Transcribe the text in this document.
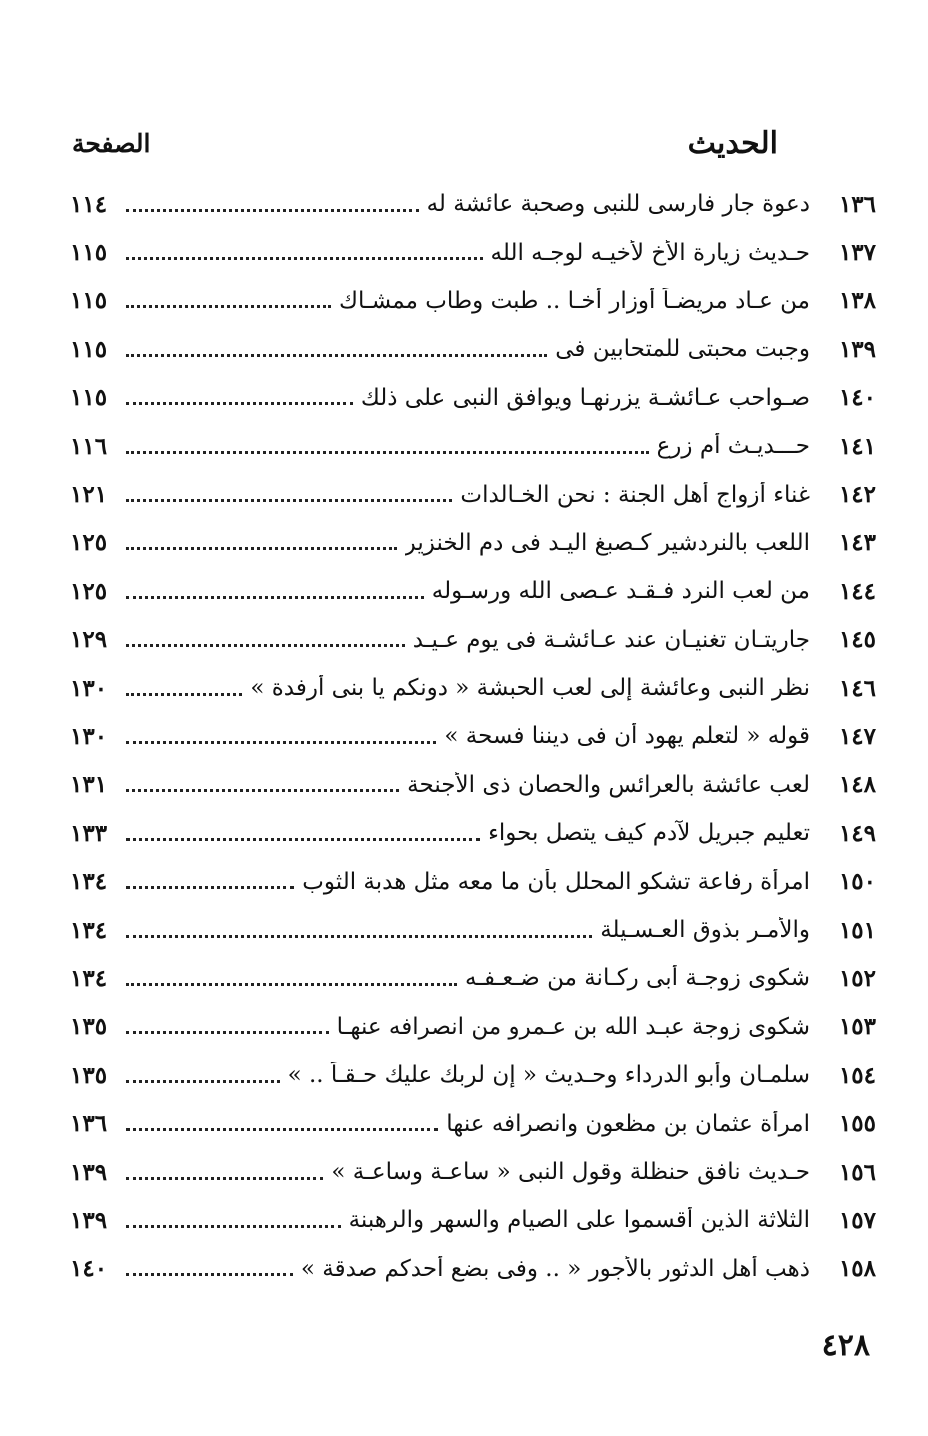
الحديث
الصفحة
١٣٦
دعوة جار فارسى للنبى وصحبة عائشة له
١١٤
١٣٧
حـديث زيارة الأخ لأخيـه لوجـه الله
١١٥
١٣٨
من عـاد مريضـاً أوزار أخـا .. طبت وطاب ممشـاك
١١٥
١٣٩
وجبت محبتى للمتحابين فى
١١٥
١٤٠
صـواحب عـائشـة يزرنهـا ويوافق النبى على ذلك
١١٥
١٤١
حـــديـث أم زرع
١١٦
١٤٢
غناء أزواج أهل الجنة : نحن الخـالدات
١٢١
١٤٣
اللعب بالنردشير كـصبغ اليـد فى دم الخنزير
١٢٥
١٤٤
من لعب النرد فـقـد عـصى الله ورسـوله
١٢٥
١٤٥
جاريتـان تغنيـان عند عـائشـة فى يوم عـيـد
١٢٩
١٤٦
نظر النبى وعائشة إلى لعب الحبشة « دونكم يا بنى أرفدة »
١٣٠
١٤٧
قوله « لتعلم يهود أن فى ديننا فسحة »
١٣٠
١٤٨
لعب عائشة بالعرائس والحصان ذى الأجنحة
١٣١
١٤٩
تعليم جبريل لآدم كيف يتصل بحواء
١٣٣
١٥٠
امرأة رفاعة تشكو المحلل بأن ما معه مثل هدبة الثوب
١٣٤
١٥١
والأمـر بذوق العـسـيلة
١٣٤
١٥٢
شكوى زوجـة أبى ركـانة من ضـعـفـه
١٣٤
١٥٣
شكوى زوجة عبـد الله بن عـمرو من انصرافه عنهـا
١٣٥
١٥٤
سلمـان وأبو الدرداء وحـديث « إن لربك عليك حـقـاً .. »
١٣٥
١٥٥
امرأة عثمان بن مظعون وانصرافه عنها
١٣٦
١٥٦
حـديث نافق حنظلة وقول النبى « ساعـة وساعـة »
١٣٩
١٥٧
الثلاثة الذين أقسموا على الصيام والسهر والرهبنة
١٣٩
١٥٨
ذهب أهل الدثور بالأجور « .. وفى بضع أحدكم صدقة »
١٤٠
٤٢٨
